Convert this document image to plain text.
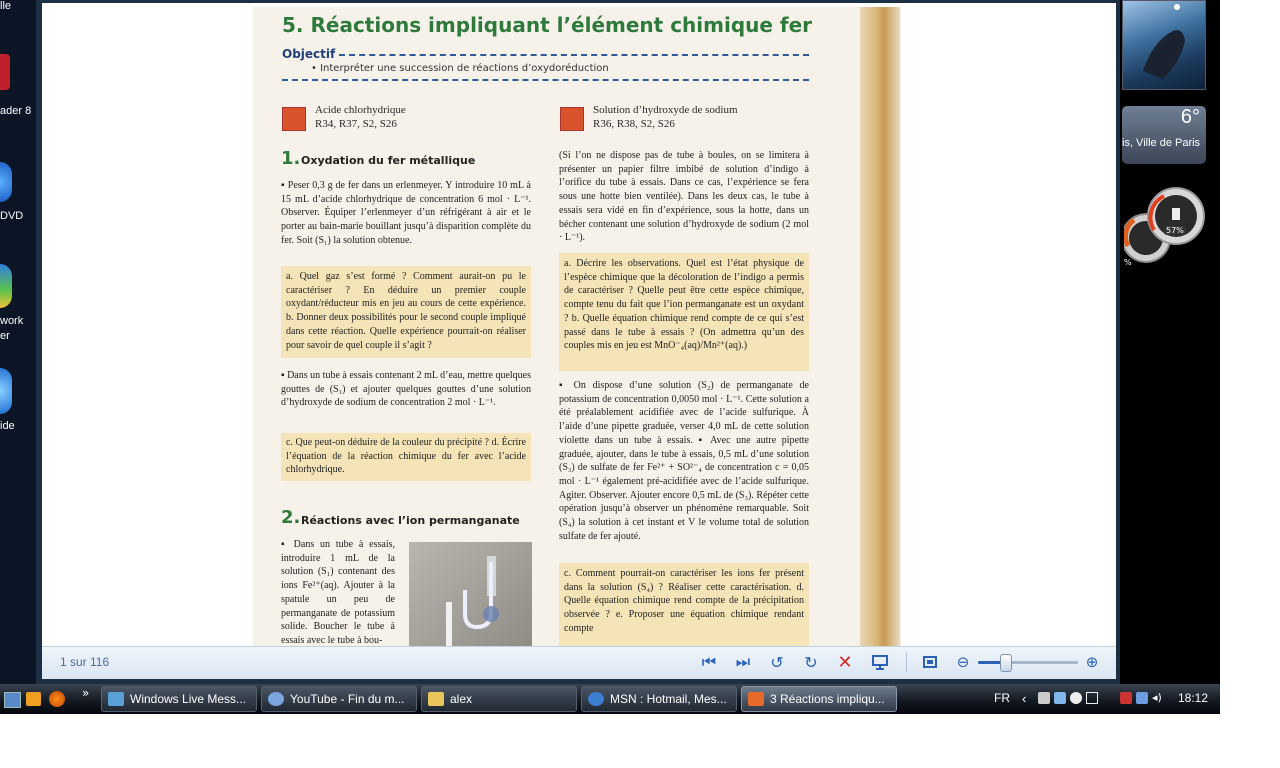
lle
ader 8
DVD
work
er
ide
5. Réactions impliquant l’élément chimique fer
Objectif
• Interpréter une succession de réactions d’oxydoréduction
Acide chlorhydrique
R34, R37, S2, S26
Solution d’hydroxyde de sodium
R36, R38, S2, S26
1. Oxydation du fer métallique
▪ Peser 0,3 g de fer dans un erlenmeyer. Y introduire 10 mL à 15 mL d’acide chlorhydrique de concentration 6 mol · L⁻¹. Observer. Équiper l’erlenmeyer d’un réfrigérant à air et le porter au bain-marie bouillant jusqu’à disparition complète du fer. Soit (S₁) la solution obtenue.
a. Quel gaz s’est formé ? Comment aurait-on pu le caractériser ? En déduire un premier couple oxydant/réducteur mis en jeu au cours de cette expérience. b. Donner deux possibilités pour le second couple impliqué dans cette réaction. Quelle expérience pourrait-on réaliser pour savoir de quel couple il s’agit ?
▪ Dans un tube à essais contenant 2 mL d’eau, mettre quelques gouttes de (S₁) et ajouter quelques gouttes d’une solution d’hydroxyde de sodium de concentration 2 mol · L⁻¹.
c. Que peut-on déduire de la couleur du précipité ? d. Écrire l’équation de la réaction chimique du fer avec l’acide chlorhydrique.
2. Réactions avec l’ion permanganate
▪ Dans un tube à essais, introduire 1 mL de la solution (S₁) contenant des ions Fe²⁺(aq). Ajouter à la spatule un peu de permanganate de potassium solide. Boucher le tube à essais avec le tube à bou-
(Si l’on ne dispose pas de tube à boules, on se limitera à présenter un papier filtre imbibé de solution d’indigo à l’orifice du tube à essais. Dans ce cas, l’expérience se fera sous une hotte bien ventilée). Dans les deux cas, le tube à essais sera vidé en fin d’expérience, sous la hotte, dans un bécher contenant une solution d’hydroxyde de sodium (2 mol · L⁻¹).
a. Décrire les observations. Quel est l’état physique de l’espèce chimique que la décoloration de l’indigo a permis de caractériser ? Quelle peut être cette espèce chimique, compte tenu du fait que l’ion permanganate est un oxydant ? b. Quelle équation chimique rend compte de ce qui s’est passé dans le tube à essais ? (On admettra qu’un des couples mis en jeu est MnO⁻₄(aq)/Mn²⁺(aq).)
▪ On dispose d’une solution (S₂) de permanganate de potassium de concentration 0,0050 mol · L⁻¹. Cette solution a été préalablement acidifiée avec de l’acide sulfurique. À l’aide d’une pipette graduée, verser 4,0 mL de cette solution violette dans un tube à essais. ▪ Avec une autre pipette graduée, ajouter, dans le tube à essais, 0,5 mL d’une solution (S₃) de sulfate de fer Fe²⁺ + SO²⁻₄ de concentration c = 0,05 mol · L⁻¹ également pré-acidifiée avec de l’acide sulfurique. Agiter. Observer. Ajouter encore 0,5 mL de (S₃). Répéter cette opération jusqu’à observer un phénomène remarquable. Soit (S₄) la solution à cet instant et V le volume total de solution sulfate de fer ajouté.
c. Comment pourrait-on caractériser les ions fer présent dans la solution (S₄) ? Réaliser cette caractérisation. d. Quelle équation chimique rend compte de la précipitation observée ? e. Proposer une équation chimique rendant compte
1 sur 116	⏮ ⏭ ↺ ↻ ✕	⊖	⊕
6°
is, Ville de Paris
57%
%
»	Windows Live Mess...	YouTube - Fin du m...	alex	MSN : Hotmail, Mes...	3 Réactions impliqu...	FR ‹	◂) 18:12
